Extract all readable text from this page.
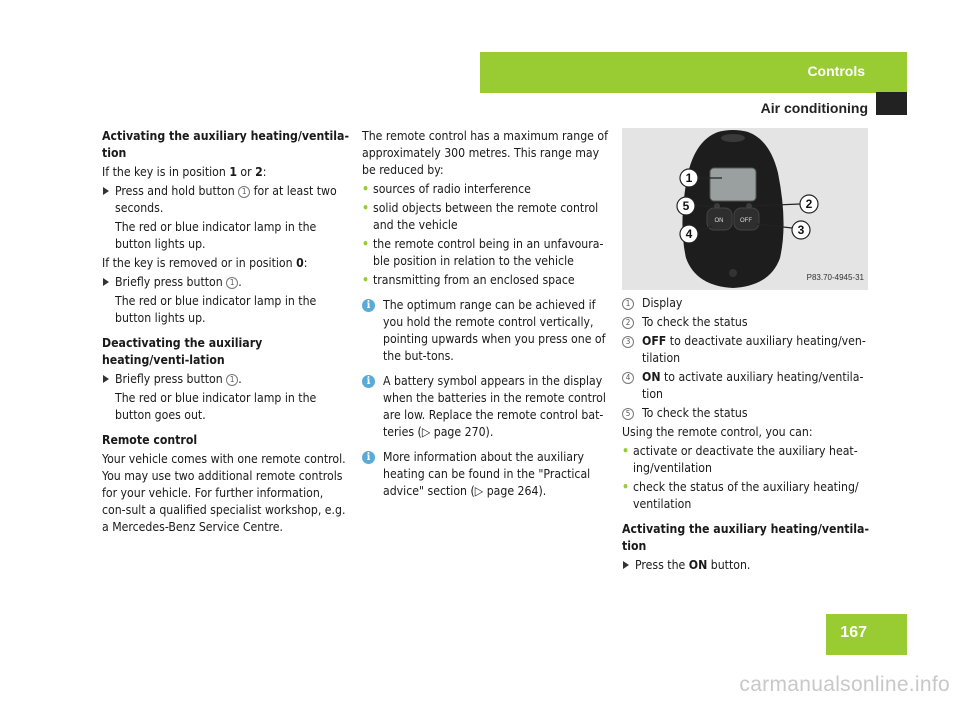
Controls
Air conditioning

Activating the auxiliary heating/ventila-tion

If the key is in position 1 or 2:

Press and hold button 1 for at least two seconds.

The red or blue indicator lamp in the button lights up.

If the key is removed or in position 0:

Briefly press button 1 .

The red or blue indicator lamp in the button lights up.

Deactivating the auxiliary heating/venti-lation

Briefly press button 1 .

The red or blue indicator lamp in the button goes out.

Remote control

Your vehicle comes with one remote control. You may use two additional remote controls for your vehicle. For further information, con-sult a qualified specialist workshop, e.g. a Mercedes-Benz Service Centre.

The remote control has a maximum range of approximately 300 metres. This range may be reduced by:

• sources of radio interference

• solid objects between the remote control and the vehicle

• the remote control being in an unfavoura-ble position in relation to the vehicle

• transmitting from an enclosed space

i	The optimum range can be achieved if you hold the remote control vertically, pointing upwards when you press one of the but-tons.

i	A battery symbol appears in the display when the batteries in the remote control are low. Replace the remote control bat-teries (▷ page 270).

i	More information about the auxiliary heating can be found in the "Practical advice" section (▷ page 264).

ON	OFF
1
5
4
2
3
P83.70-4945-31

1 Display

2 To check the status

3 OFF to deactivate auxiliary heating/ven-tilation

4 ON to activate auxiliary heating/ventila-tion

5 To check the status

Using the remote control, you can:

• activate or deactivate the auxiliary heat-ing/ventilation

• check the status of the auxiliary heating/ ventilation

Activating the auxiliary heating/ventila-tion

Press the ON button.

167
carmanualsonline.info
